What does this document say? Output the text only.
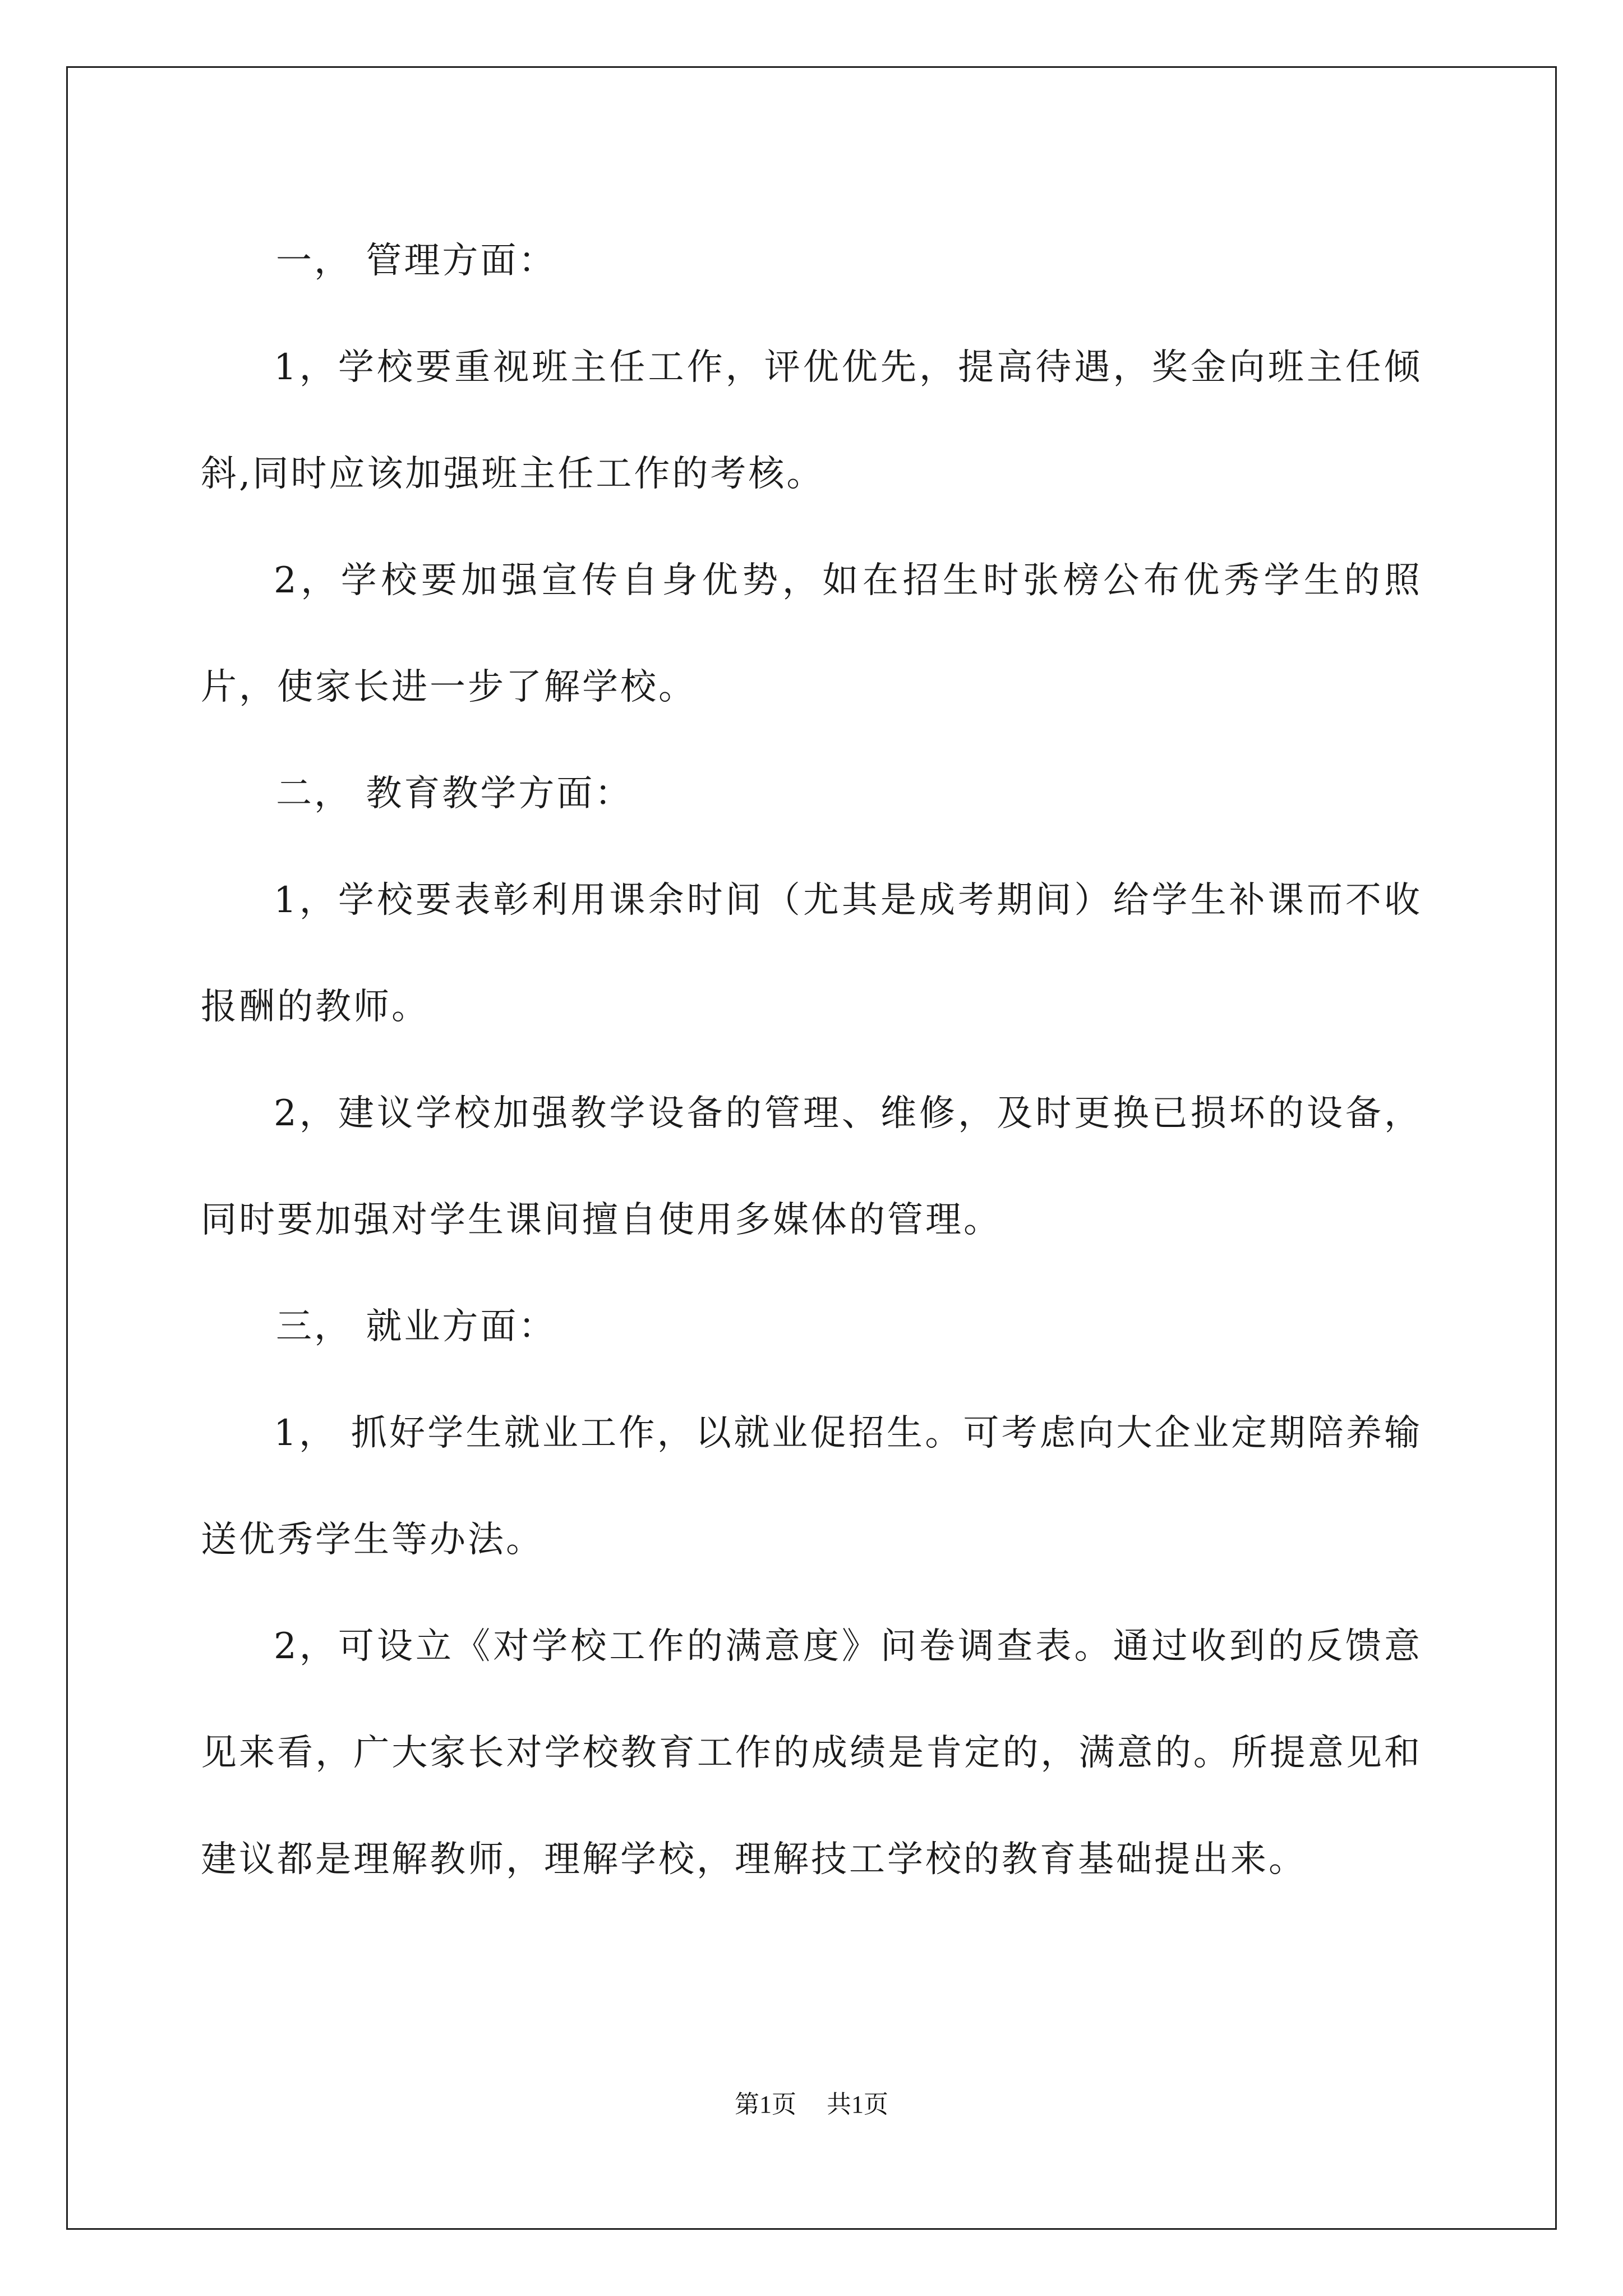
一， 管理方面：

1，学校要重视班主任工作，评优优先，提高待遇，奖金向班主任倾斜,同时应该加强班主任工作的考核。

2，学校要加强宣传自身优势，如在招生时张榜公布优秀学生的照片，使家长进一步了解学校。

二， 教育教学方面：

1，学校要表彰利用课余时间（尤其是成考期间）给学生补课而不收报酬的教师。

2，建议学校加强教学设备的管理、维修，及时更换已损坏的设备，同时要加强对学生课间擅自使用多媒体的管理。

三， 就业方面：

1， 抓好学生就业工作，以就业促招生。可考虑向大企业定期陪养输送优秀学生等办法。

2，可设立《对学校工作的满意度》问卷调查表。通过收到的反馈意见来看，广大家长对学校教育工作的成绩是肯定的，满意的。所提意见和建议都是理解教师，理解学校，理解技工学校的教育基础提出来。

第1页 共1页
